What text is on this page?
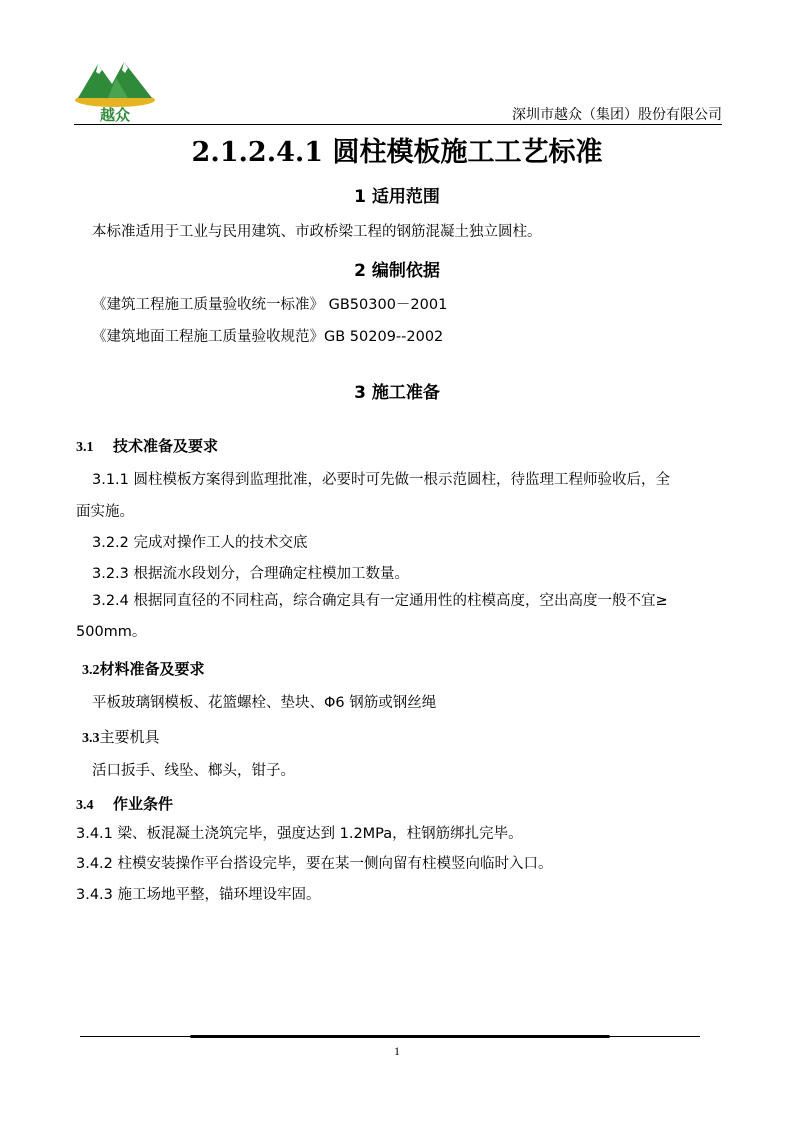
越众	深圳市越众（集团）股份有限公司
2.1.2.4.1 圆柱模板施工工艺标准
1 适用范围
本标准适用于工业与民用建筑、市政桥梁工程的钢筋混凝土独立圆柱。
2 编制依据
《建筑工程施工质量验收统一标准》 GB50300－2001
《建筑地面工程施工质量验收规范》GB 50209--2002
3 施工准备
3.1 技术准备及要求
3.1.1 圆柱模板方案得到监理批准，必要时可先做一根示范圆柱，待监理工程师验收后，全
面实施。
3.2.2 完成对操作工人的技术交底
3.2.3 根据流水段划分，合理确定柱模加工数量。
3.2.4 根据同直径的不同柱高，综合确定具有一定通用性的柱模高度，空出高度一般不宜≥
500mm。
3.2材料准备及要求
平板玻璃钢模板、花篮螺栓、垫块、Φ6 钢筋或钢丝绳
3.3主要机具
活口扳手、线坠、榔头，钳子。
3.4 作业条件
3.4.1 梁、板混凝土浇筑完毕，强度达到 1.2MPa，柱钢筋绑扎完毕。
3.4.2 柱模安装操作平台搭设完毕，要在某一侧向留有柱模竖向临时入口。
3.4.3 施工场地平整，锚环埋设牢固。
1
